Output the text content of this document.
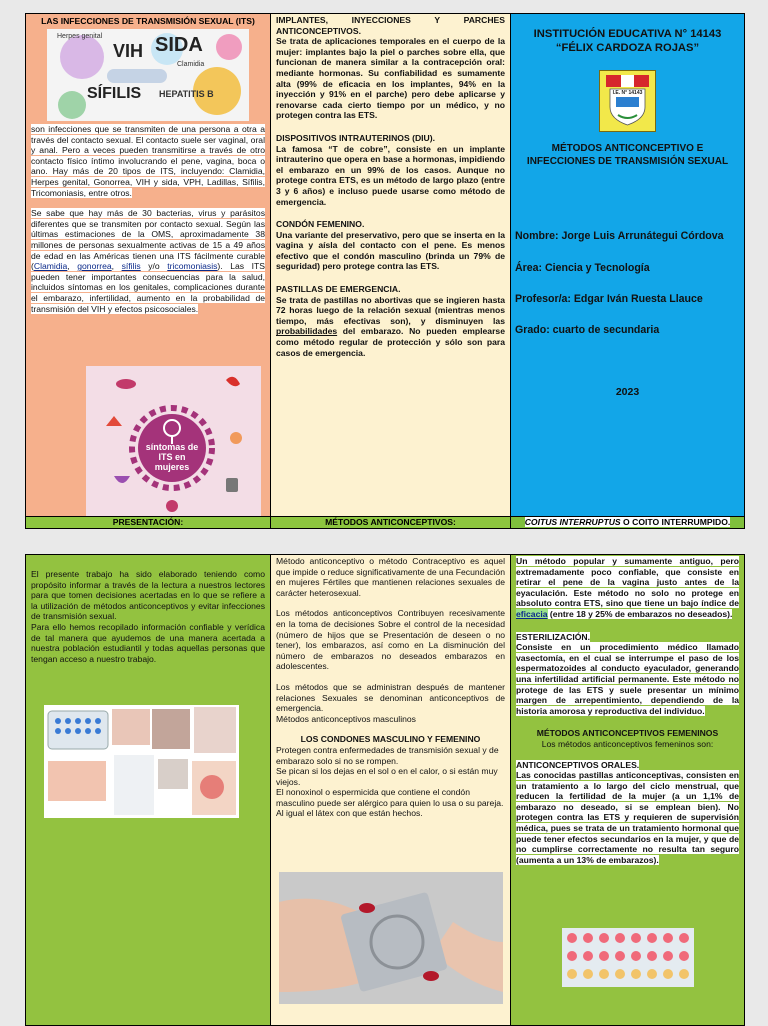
LAS INFECCIONES DE TRANSMISIÓN SEXUAL (ITS)
VIH SIDA
SÍFILIS HEPATITIS B
Clamidia
Herpes genital

son infecciones que se transmiten de una persona a otra a través del contacto sexual. El contacto suele ser vaginal, oral y anal. Pero a veces pueden transmitirse a través de otro contacto físico íntimo involucrando el pene, vagina, boca o ano. Hay más de 20 tipos de ITS, incluyendo: Clamidia, Herpes genital, Gonorrea, VIH y sida, VPH, Ladillas, Sífilis, Tricomoniasis, entre otros.

Se sabe que hay más de 30 bacterias, virus y parásitos diferentes que se transmiten por contacto sexual. Según las últimas estimaciones de la OMS, aproximadamente 38 millones de personas sexualmente activas de 15 a 49 años de edad en las Américas tienen una ITS fácilmente curable (Clamidia, gonorrea, sífilis y/o tricomoniasis). Las ITS pueden tener importantes consecuencias para la salud, incluidos síntomas en los genitales, complicaciones durante el embarazo, infertilidad, aumento en la probabilidad de transmisión del VIH y efectos psicosociales.

síntomas de
ITS en
mujeres
PRESENTACIÓN:

IMPLANTES, INYECCIONES Y PARCHES ANTICONCEPTIVOS.

Se trata de aplicaciones temporales en el cuerpo de la mujer: implantes bajo la piel o parches sobre ella, que funcionan de manera similar a la contracepción oral: mediante hormonas. Su confiabilidad es sumamente alta (99% de eficacia en los implantes, 94% en la inyección y 91% en el parche) pero debe aplicarse y renovarse cada cierto tiempo por un médico, y no protegen contra las ETS.

DISPOSITIVOS INTRAUTERINOS (DIU).

La famosa “T de cobre”, consiste en un implante intrauterino que opera en base a hormonas, impidiendo el embarazo en un 99% de los casos. Aunque no protege contra ETS, es un método de largo plazo (entre 3 y 6 años) e incluso puede usarse como método de emergencia.

CONDÓN FEMENINO.

Una variante del preservativo, pero que se inserta en la vagina y aísla del contacto con el pene. Es menos efectivo que el condón masculino (brinda un 79% de seguridad) pero protege contra las ETS.

PASTILLAS DE EMERGENCIA.

Se trata de pastillas no abortivas que se ingieren hasta 72 horas luego de la relación sexual (mientras menos tiempo, más efectivas son), y disminuyen las probabilidades del embarazo. No pueden emplearse como método regular de protección y sólo son para casos de emergencia.

MÉTODOS ANTICONCEPTIVOS:
INSTITUCIÓN EDUCATIVA N° 14143
“FÉLIX CARDOZA ROJAS”
I.E. N° 14143
MÉTODOS ANTICONCEPTIVO E INFECCIONES DE TRANSMISIÓN SEXUAL
Nombre: Jorge Luis Arrunátegui Córdova
Área: Ciencia y Tecnología
Profesor/a: Edgar Iván Ruesta Llauce
Grado: cuarto de secundaria
2023
COITUS INTERRUPTUS O COITO INTERRUMPIDO.

El presente trabajo ha sido elaborado teniendo como propósito informar a través de la lectura a nuestros lectores para que tomen decisiones acertadas en lo que se refiere a la utilización de métodos anticonceptivos y evitar infecciones de transmisión sexual.

Para ello hemos recopilado información confiable y verídica de tal manera que ayudemos de una manera acertada a nuestra población estudiantil y todas aquellas personas que tengan acceso a nuestro trabajo.

Método anticonceptivo o método Contraceptivo es aquel que impide o reduce significativamente de una Fecundación en mujeres Fértiles que mantienen relaciones sexuales de carácter heterosexual.

Los métodos anticonceptivos Contribuyen recesivamente en la toma de decisiones Sobre el control de la necesidad (número de hijos que se Presentación de deseen o no tener), los embarazos, así como en La disminución del número de embarazos no deseados embarazos en adolescentes.

Los métodos que se administran después de mantener relaciones Sexuales se denominan anticonceptivos de emergencia.

Métodos anticonceptivos masculinos

LOS CONDONES MASCULINO Y FEMENINO

Protegen contra enfermedades de transmisión sexual y de embarazo solo si no se rompen.

Se pican si los dejas en el sol o en el calor, o si están muy viejos.

El nonoxinol o espermicida que contiene el condón masculino puede ser alérgico para quien lo usa o su pareja. Al igual el látex con que están hechos.

Un método popular y sumamente antiguo, pero extremadamente poco confiable, que consiste en retirar el pene de la vagina justo antes de la eyaculación. Este método no solo no protege en absoluto contra ETS, sino que tiene un bajo índice de eficacia (entre 18 y 25% de embarazos no deseados).

ESTERILIZACIÓN.

Consiste en un procedimiento médico llamado vasectomía, en el cual se interrumpe el paso de los espermatozoides al conducto eyaculador, generando una infertilidad artificial permanente. Este método no protege de las ETS y suele presentar un mínimo margen de arrepentimiento, dependiendo de la historia amorosa y reproductiva del individuo.

MÉTODOS ANTICONCEPTIVOS FEMENINOS

Los métodos anticonceptivos femeninos son:

ANTICONCEPTIVOS ORALES.

Las conocidas pastillas anticonceptivas, consisten en un tratamiento a lo largo del ciclo menstrual, que reducen la fertilidad de la mujer (a un 1,1% de embarazo no deseado, si se emplean bien). No protegen contra las ETS y requieren de supervisión médica, pues se trata de un tratamiento hormonal que puede tener efectos secundarios en la mujer, y que de no cumplirse correctamente no resulta tan seguro (aumenta a un 13% de embarazos).
